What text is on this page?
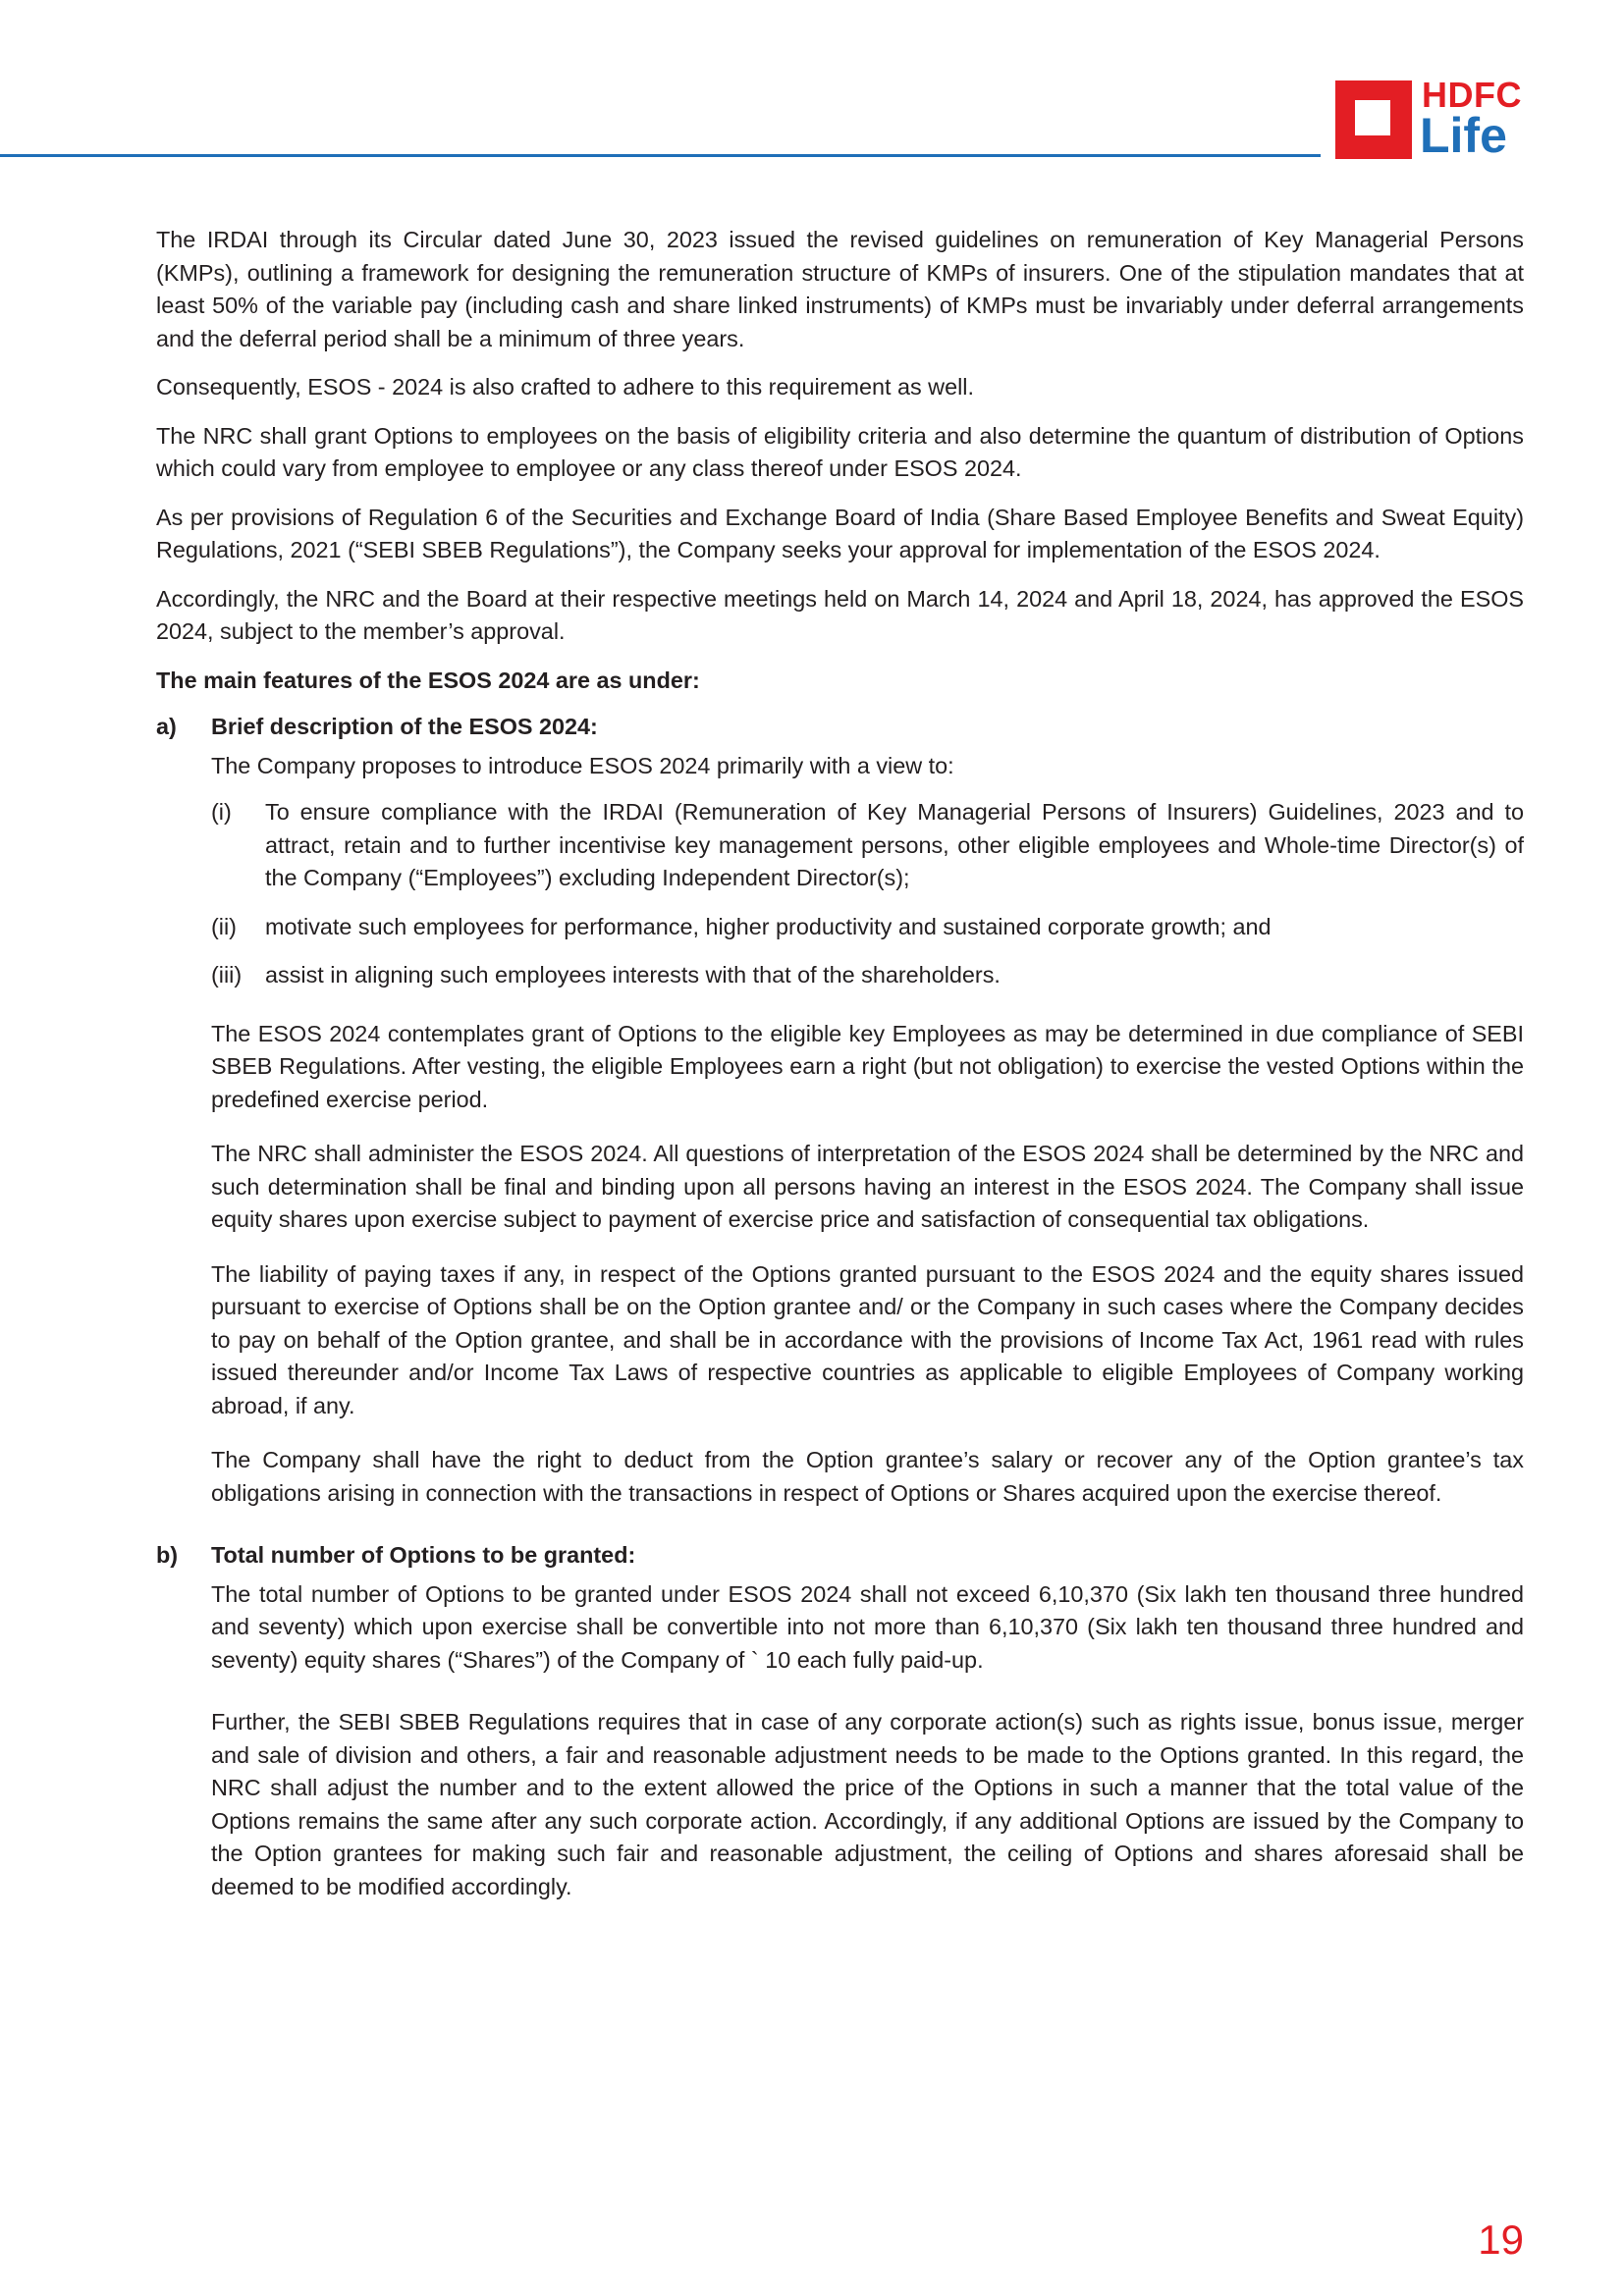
HDFC
Life

The IRDAI through its Circular dated June 30, 2023 issued the revised guidelines on remuneration of Key Managerial Persons (KMPs), outlining a framework for designing the remuneration structure of KMPs of insurers. One of the stipulation mandates that at least 50% of the variable pay (including cash and share linked instruments) of KMPs must be invariably under deferral arrangements and the deferral period shall be a minimum of three years.

Consequently, ESOS - 2024 is also crafted to adhere to this requirement as well.

The NRC shall grant Options to employees on the basis of eligibility criteria and also determine the quantum of distribution of Options which could vary from employee to employee or any class thereof under ESOS 2024.

As per provisions of Regulation 6 of the Securities and Exchange Board of India (Share Based Employee Benefits and Sweat Equity) Regulations, 2021 (“SEBI SBEB Regulations”), the Company seeks your approval for implementation of the ESOS 2024.

Accordingly, the NRC and the Board at their respective meetings held on March 14, 2024 and April 18, 2024, has approved the ESOS 2024, subject to the member’s approval.

The main features of the ESOS 2024 are as under:

a)	Brief description of the ESOS 2024:

The Company proposes to introduce ESOS 2024 primarily with a view to:

(i)	To ensure compliance with the IRDAI (Remuneration of Key Managerial Persons of Insurers) Guidelines, 2023 and to attract, retain and to further incentivise key management persons, other eligible employees and Whole-time Director(s) of the Company (“Employees”) excluding Independent Director(s);
(ii)	motivate such employees for performance, higher productivity and sustained corporate growth; and
(iii)	assist in aligning such employees interests with that of the shareholders.

The ESOS 2024 contemplates grant of Options to the eligible key Employees as may be determined in due compliance of SEBI SBEB Regulations. After vesting, the eligible Employees earn a right (but not obligation) to exercise the vested Options within the predefined exercise period.

The NRC shall administer the ESOS 2024. All questions of interpretation of the ESOS 2024 shall be determined by the NRC and such determination shall be final and binding upon all persons having an interest in the ESOS 2024. The Company shall issue equity shares upon exercise subject to payment of exercise price and satisfaction of consequential tax obligations.

The liability of paying taxes if any, in respect of the Options granted pursuant to the ESOS 2024 and the equity shares issued pursuant to exercise of Options shall be on the Option grantee and/ or the Company in such cases where the Company decides to pay on behalf of the Option grantee, and shall be in accordance with the provisions of Income Tax Act, 1961 read with rules issued thereunder and/or Income Tax Laws of respective countries as applicable to eligible Employees of Company working abroad, if any.

The Company shall have the right to deduct from the Option grantee’s salary or recover any of the Option grantee’s tax obligations arising in connection with the transactions in respect of Options or Shares acquired upon the exercise thereof.

b)	Total number of Options to be granted:

The total number of Options to be granted under ESOS 2024 shall not exceed 6,10,370 (Six lakh ten thousand three hundred and seventy) which upon exercise shall be convertible into not more than 6,10,370 (Six lakh ten thousand three hundred and seventy) equity shares (“Shares”) of the Company of ` 10 each fully paid-up.

Further, the SEBI SBEB Regulations requires that in case of any corporate action(s) such as rights issue, bonus issue, merger and sale of division and others, a fair and reasonable adjustment needs to be made to the Options granted. In this regard, the NRC shall adjust the number and to the extent allowed the price of the Options in such a manner that the total value of the Options remains the same after any such corporate action. Accordingly, if any additional Options are issued by the Company to the Option grantees for making such fair and reasonable adjustment, the ceiling of Options and shares aforesaid shall be deemed to be modified accordingly.

19
